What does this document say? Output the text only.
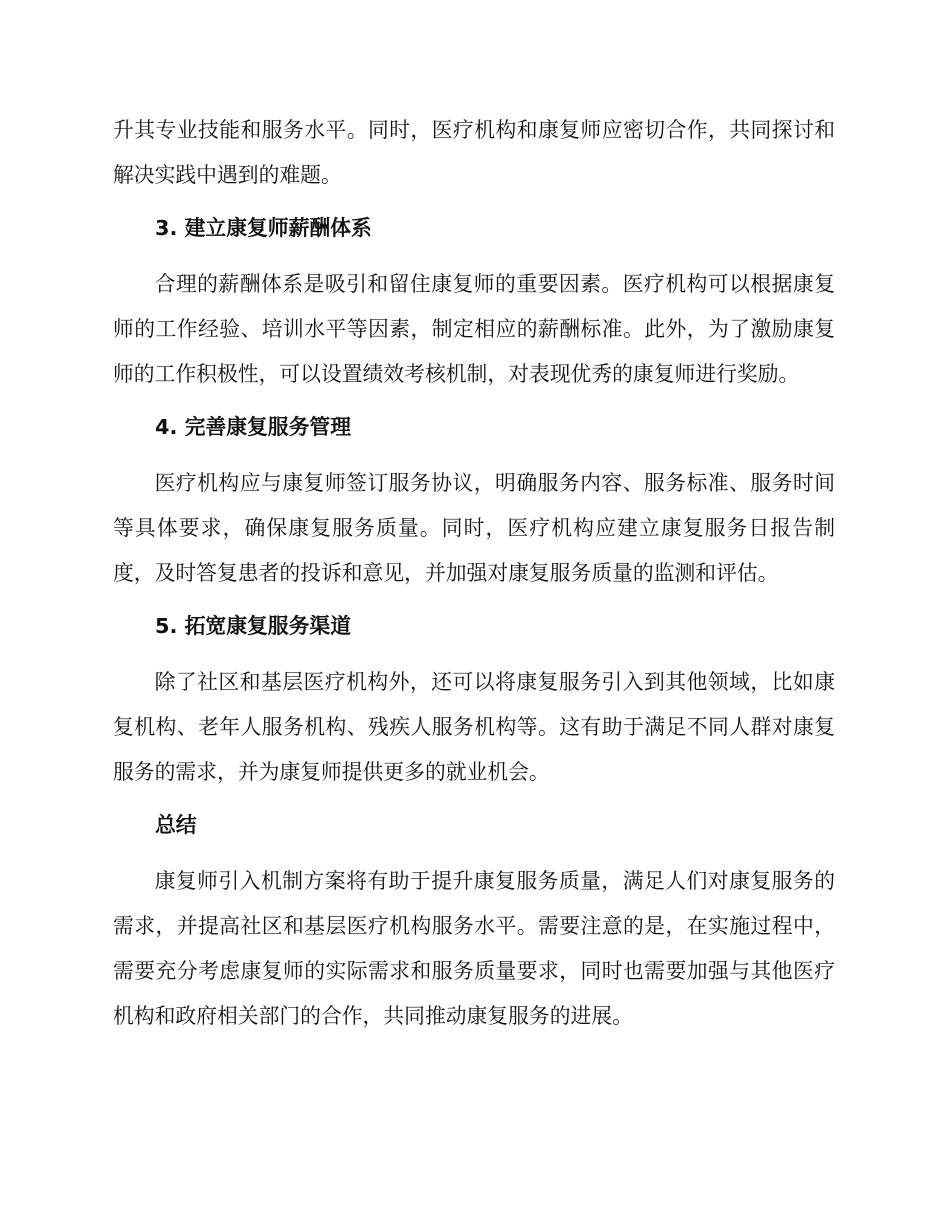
升其专业技能和服务水平。同时，医疗机构和康复师应密切合作，共同探讨和解决实践中遇到的难题。

3. 建立康复师薪酬体系

合理的薪酬体系是吸引和留住康复师的重要因素。医疗机构可以根据康复师的工作经验、培训水平等因素，制定相应的薪酬标准。此外，为了激励康复师的工作积极性，可以设置绩效考核机制，对表现优秀的康复师进行奖励。

4. 完善康复服务管理

医疗机构应与康复师签订服务协议，明确服务内容、服务标准、服务时间等具体要求，确保康复服务质量。同时，医疗机构应建立康复服务日报告制度，及时答复患者的投诉和意见，并加强对康复服务质量的监测和评估。

5. 拓宽康复服务渠道

除了社区和基层医疗机构外，还可以将康复服务引入到其他领域，比如康复机构、老年人服务机构、残疾人服务机构等。这有助于满足不同人群对康复服务的需求，并为康复师提供更多的就业机会。

总结

康复师引入机制方案将有助于提升康复服务质量，满足人们对康复服务的需求，并提高社区和基层医疗机构服务水平。需要注意的是，在实施过程中，需要充分考虑康复师的实际需求和服务质量要求，同时也需要加强与其他医疗机构和政府相关部门的合作，共同推动康复服务的进展。
